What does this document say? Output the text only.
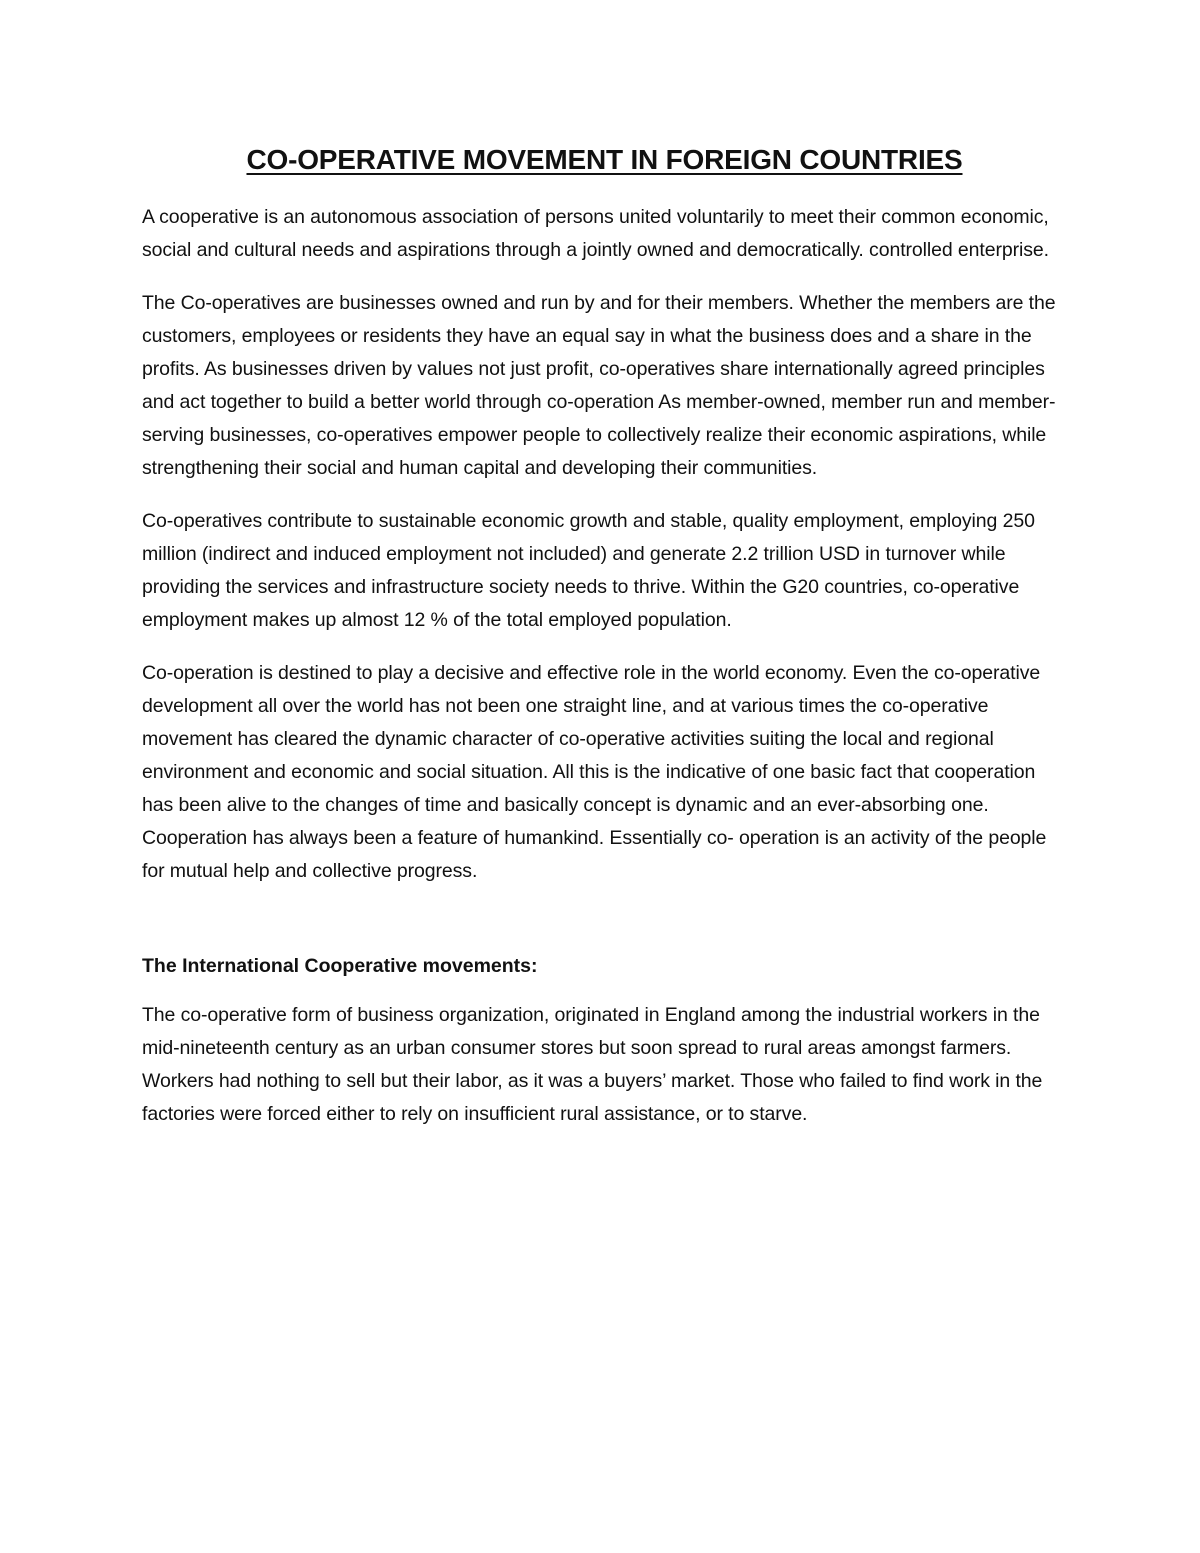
CO-OPERATIVE MOVEMENT IN FOREIGN COUNTRIES

A cooperative is an autonomous association of persons united voluntarily to meet their common economic, social and cultural needs and aspirations through a jointly owned and democratically. controlled enterprise.

The Co-operatives are businesses owned and run by and for their members. Whether the members are the customers, employees or residents they have an equal say in what the business does and a share in the profits. As businesses driven by values not just profit, co-operatives share internationally agreed principles and act together to build a better world through co-operation As member-owned, member run and member-serving businesses, co-operatives empower people to collectively realize their economic aspirations, while strengthening their social and human capital and developing their communities.

Co-operatives contribute to sustainable economic growth and stable, quality employment, employing 250 million (indirect and induced employment not included) and generate 2.2 trillion USD in turnover while providing the services and infrastructure society needs to thrive. Within the G20 countries, co-operative employment makes up almost 12 % of the total employed population.

Co-operation is destined to play a decisive and effective role in the world economy. Even the co-operative development all over the world has not been one straight line, and at various times the co-operative movement has cleared the dynamic character of co-operative activities suiting the local and regional environment and economic and social situation. All this is the indicative of one basic fact that cooperation has been alive to the changes of time and basically concept is dynamic and an ever-absorbing one. Cooperation has always been a feature of humankind. Essentially co- operation is an activity of the people for mutual help and collective progress.

The International Cooperative movements:

The co-operative form of business organization, originated in England among the industrial workers in the mid-nineteenth century as an urban consumer stores but soon spread to rural areas amongst farmers. Workers had nothing to sell but their labor, as it was a buyers’ market. Those who failed to find work in the factories were forced either to rely on insufficient rural assistance, or to starve.
